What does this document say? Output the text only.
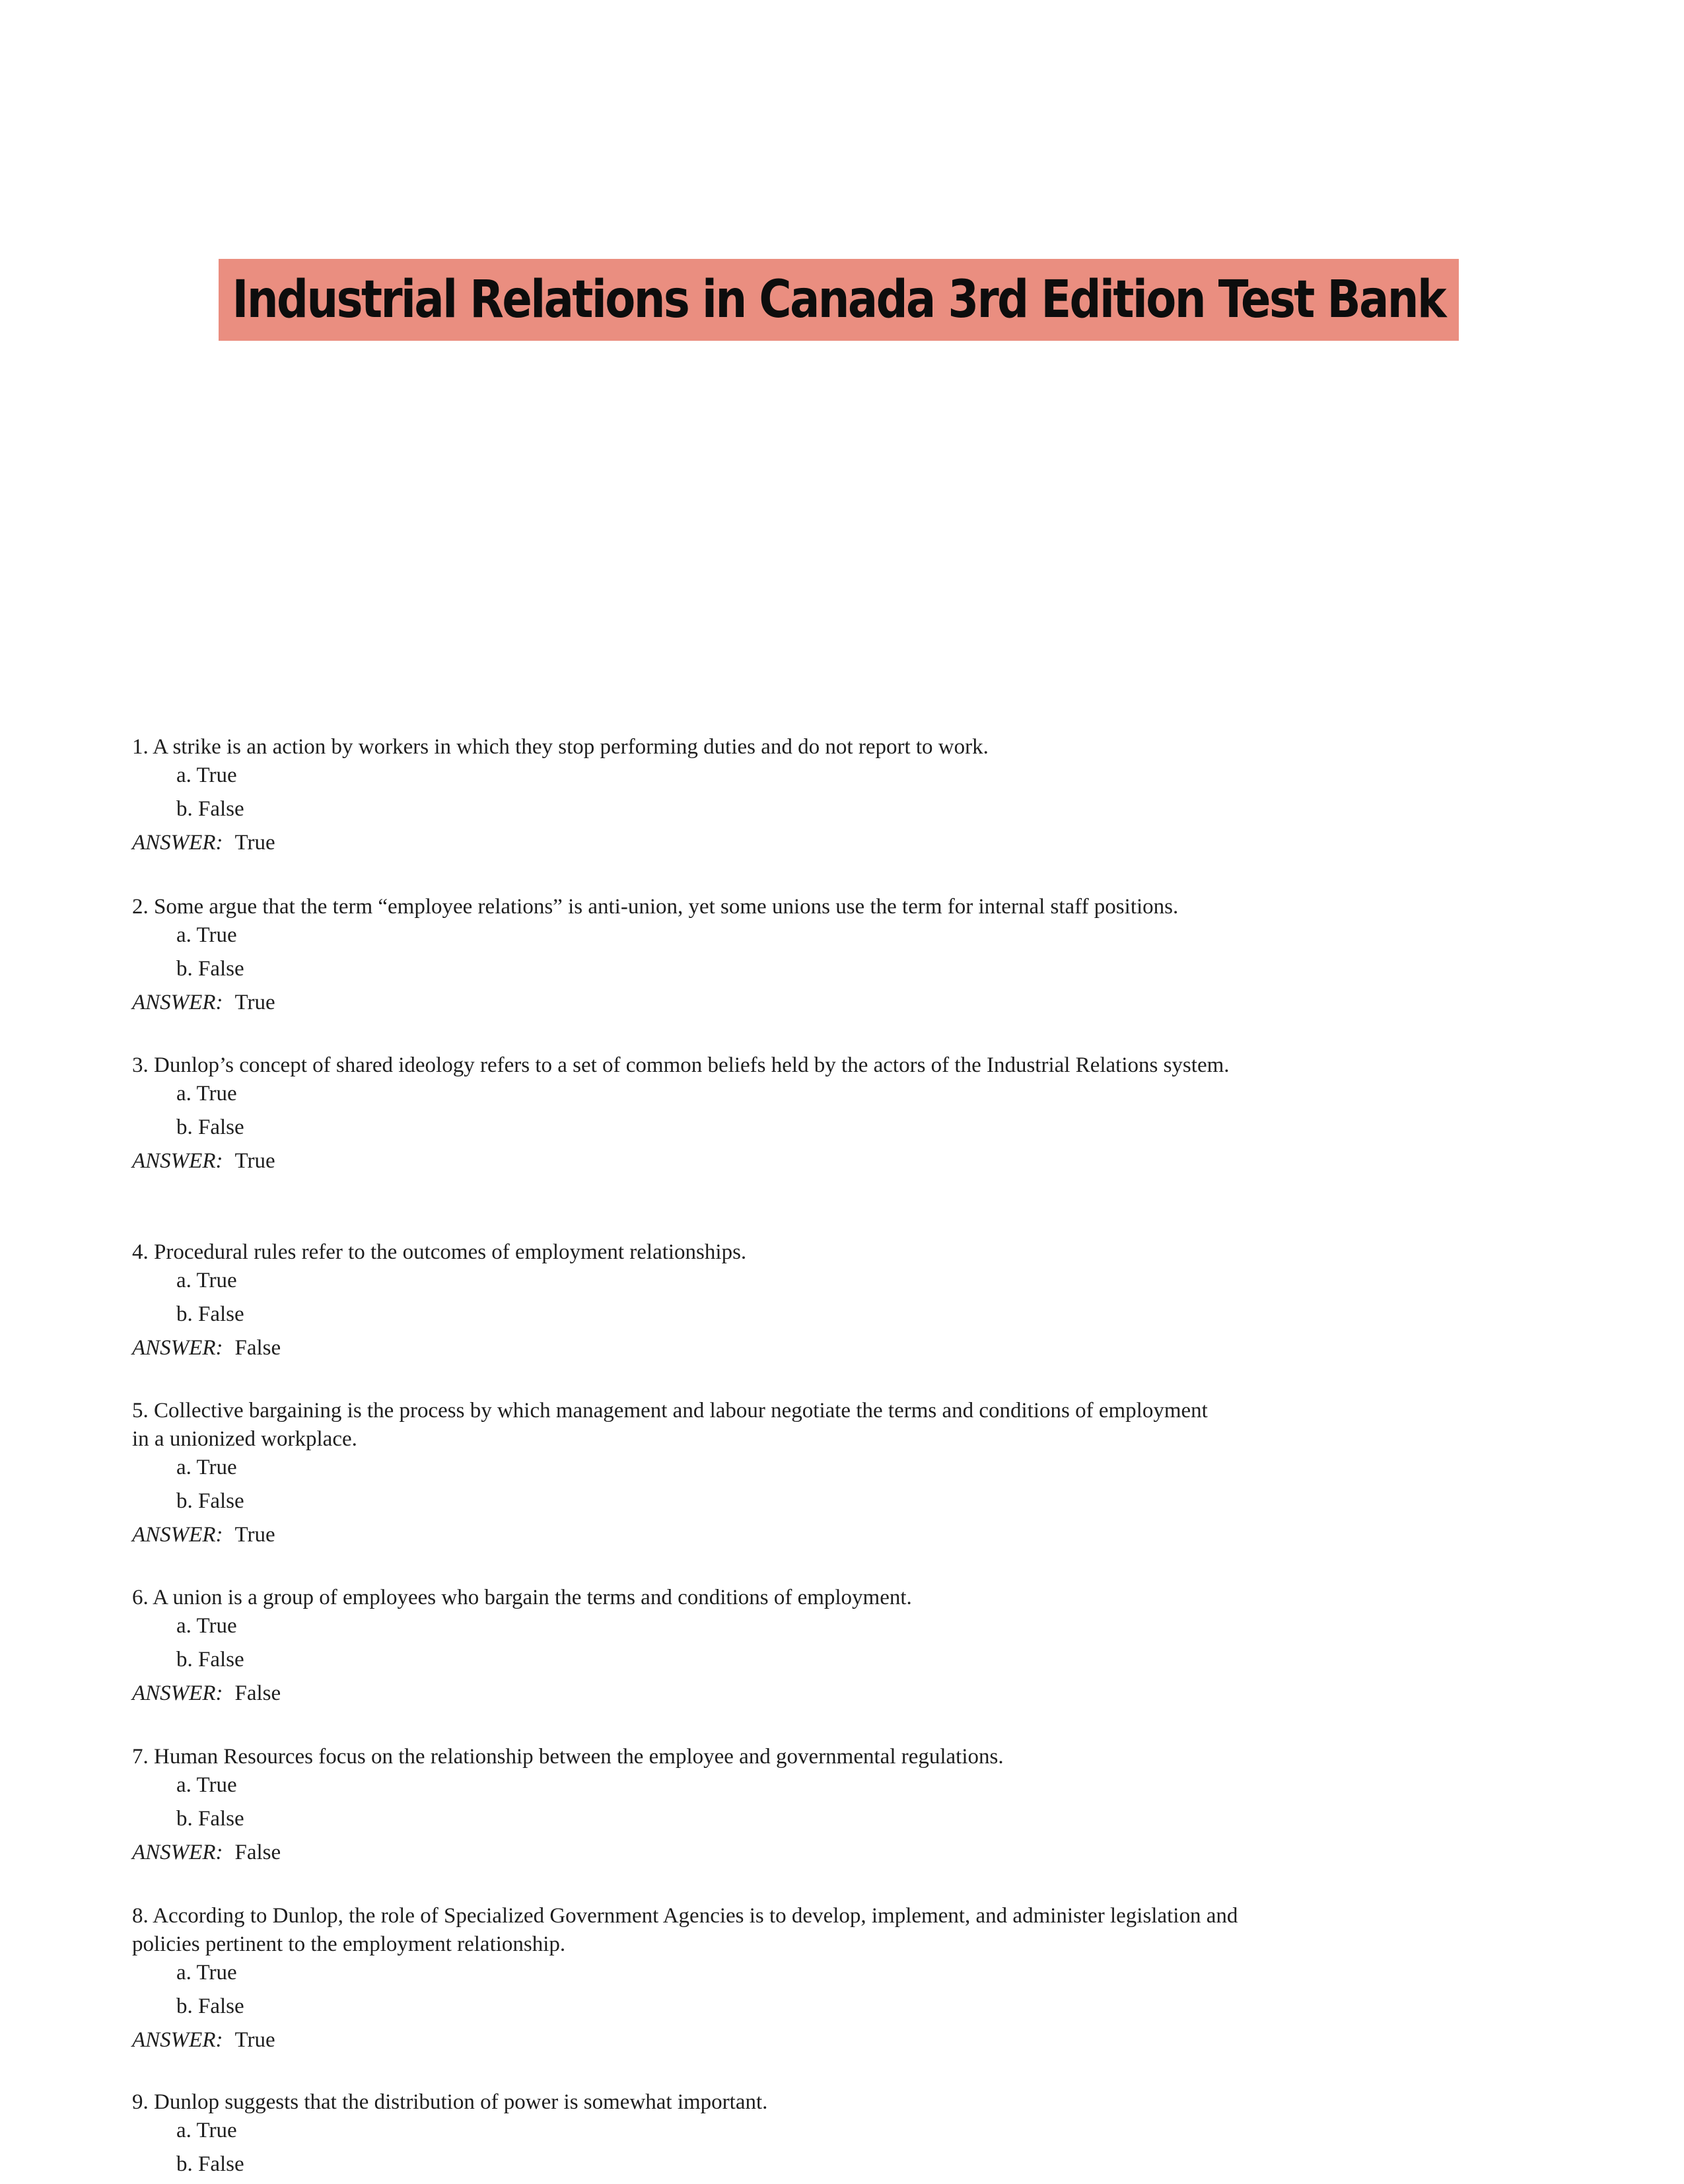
Industrial Relations in Canada 3rd Edition Test Bank

1. A strike is an action by workers in which they stop performing duties and do not report to work.

a. True

b. False

ANSWER: True

2. Some argue that the term “employee relations” is anti-union, yet some unions use the term for internal staff positions.

a. True

b. False

ANSWER: True

3. Dunlop’s concept of shared ideology refers to a set of common beliefs held by the actors of the Industrial Relations system.

a. True

b. False

ANSWER: True

4. Procedural rules refer to the outcomes of employment relationships.

a. True

b. False

ANSWER: False

5. Collective bargaining is the process by which management and labour negotiate the terms and conditions of employment in a unionized workplace.

a. True

b. False

ANSWER: True

6. A union is a group of employees who bargain the terms and conditions of employment.

a. True

b. False

ANSWER: False

7. Human Resources focus on the relationship between the employee and governmental regulations.

a. True

b. False

ANSWER: False

8. According to Dunlop, the role of Specialized Government Agencies is to develop, implement, and administer legislation and policies pertinent to the employment relationship.

a. True

b. False

ANSWER: True

9. Dunlop suggests that the distribution of power is somewhat important.

a. True

b. False
